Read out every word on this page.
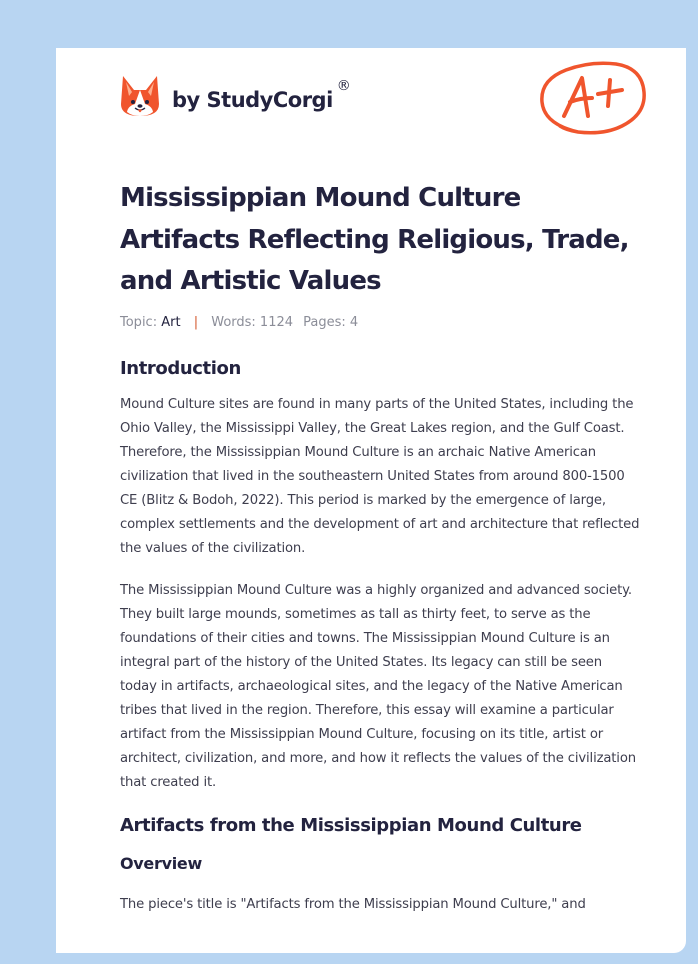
by StudyCorgi
®
Mississippian Mound Culture Artifacts Reflecting Religious, Trade, and Artistic Values
Topic: Art | Words: 1124 Pages: 4
Introduction

Mound Culture sites are found in many parts of the United States, including the Ohio Valley, the Mississippi Valley, the Great Lakes region, and the Gulf Coast. Therefore, the Mississippian Mound Culture is an archaic Native American civilization that lived in the southeastern United States from around 800-1500 CE (Blitz & Bodoh, 2022). This period is marked by the emergence of large, complex settlements and the development of art and architecture that reflected the values of the civilization.

The Mississippian Mound Culture was a highly organized and advanced society. They built large mounds, sometimes as tall as thirty feet, to serve as the foundations of their cities and towns. The Mississippian Mound Culture is an integral part of the history of the United States. Its legacy can still be seen today in artifacts, archaeological sites, and the legacy of the Native American tribes that lived in the region. Therefore, this essay will examine a particular artifact from the Mississippian Mound Culture, focusing on its title, artist or architect, civilization, and more, and how it reflects the values of the civilization that created it.

Artifacts from the Mississippian Mound Culture
Overview

The piece's title is "Artifacts from the Mississippian Mound Culture," and
